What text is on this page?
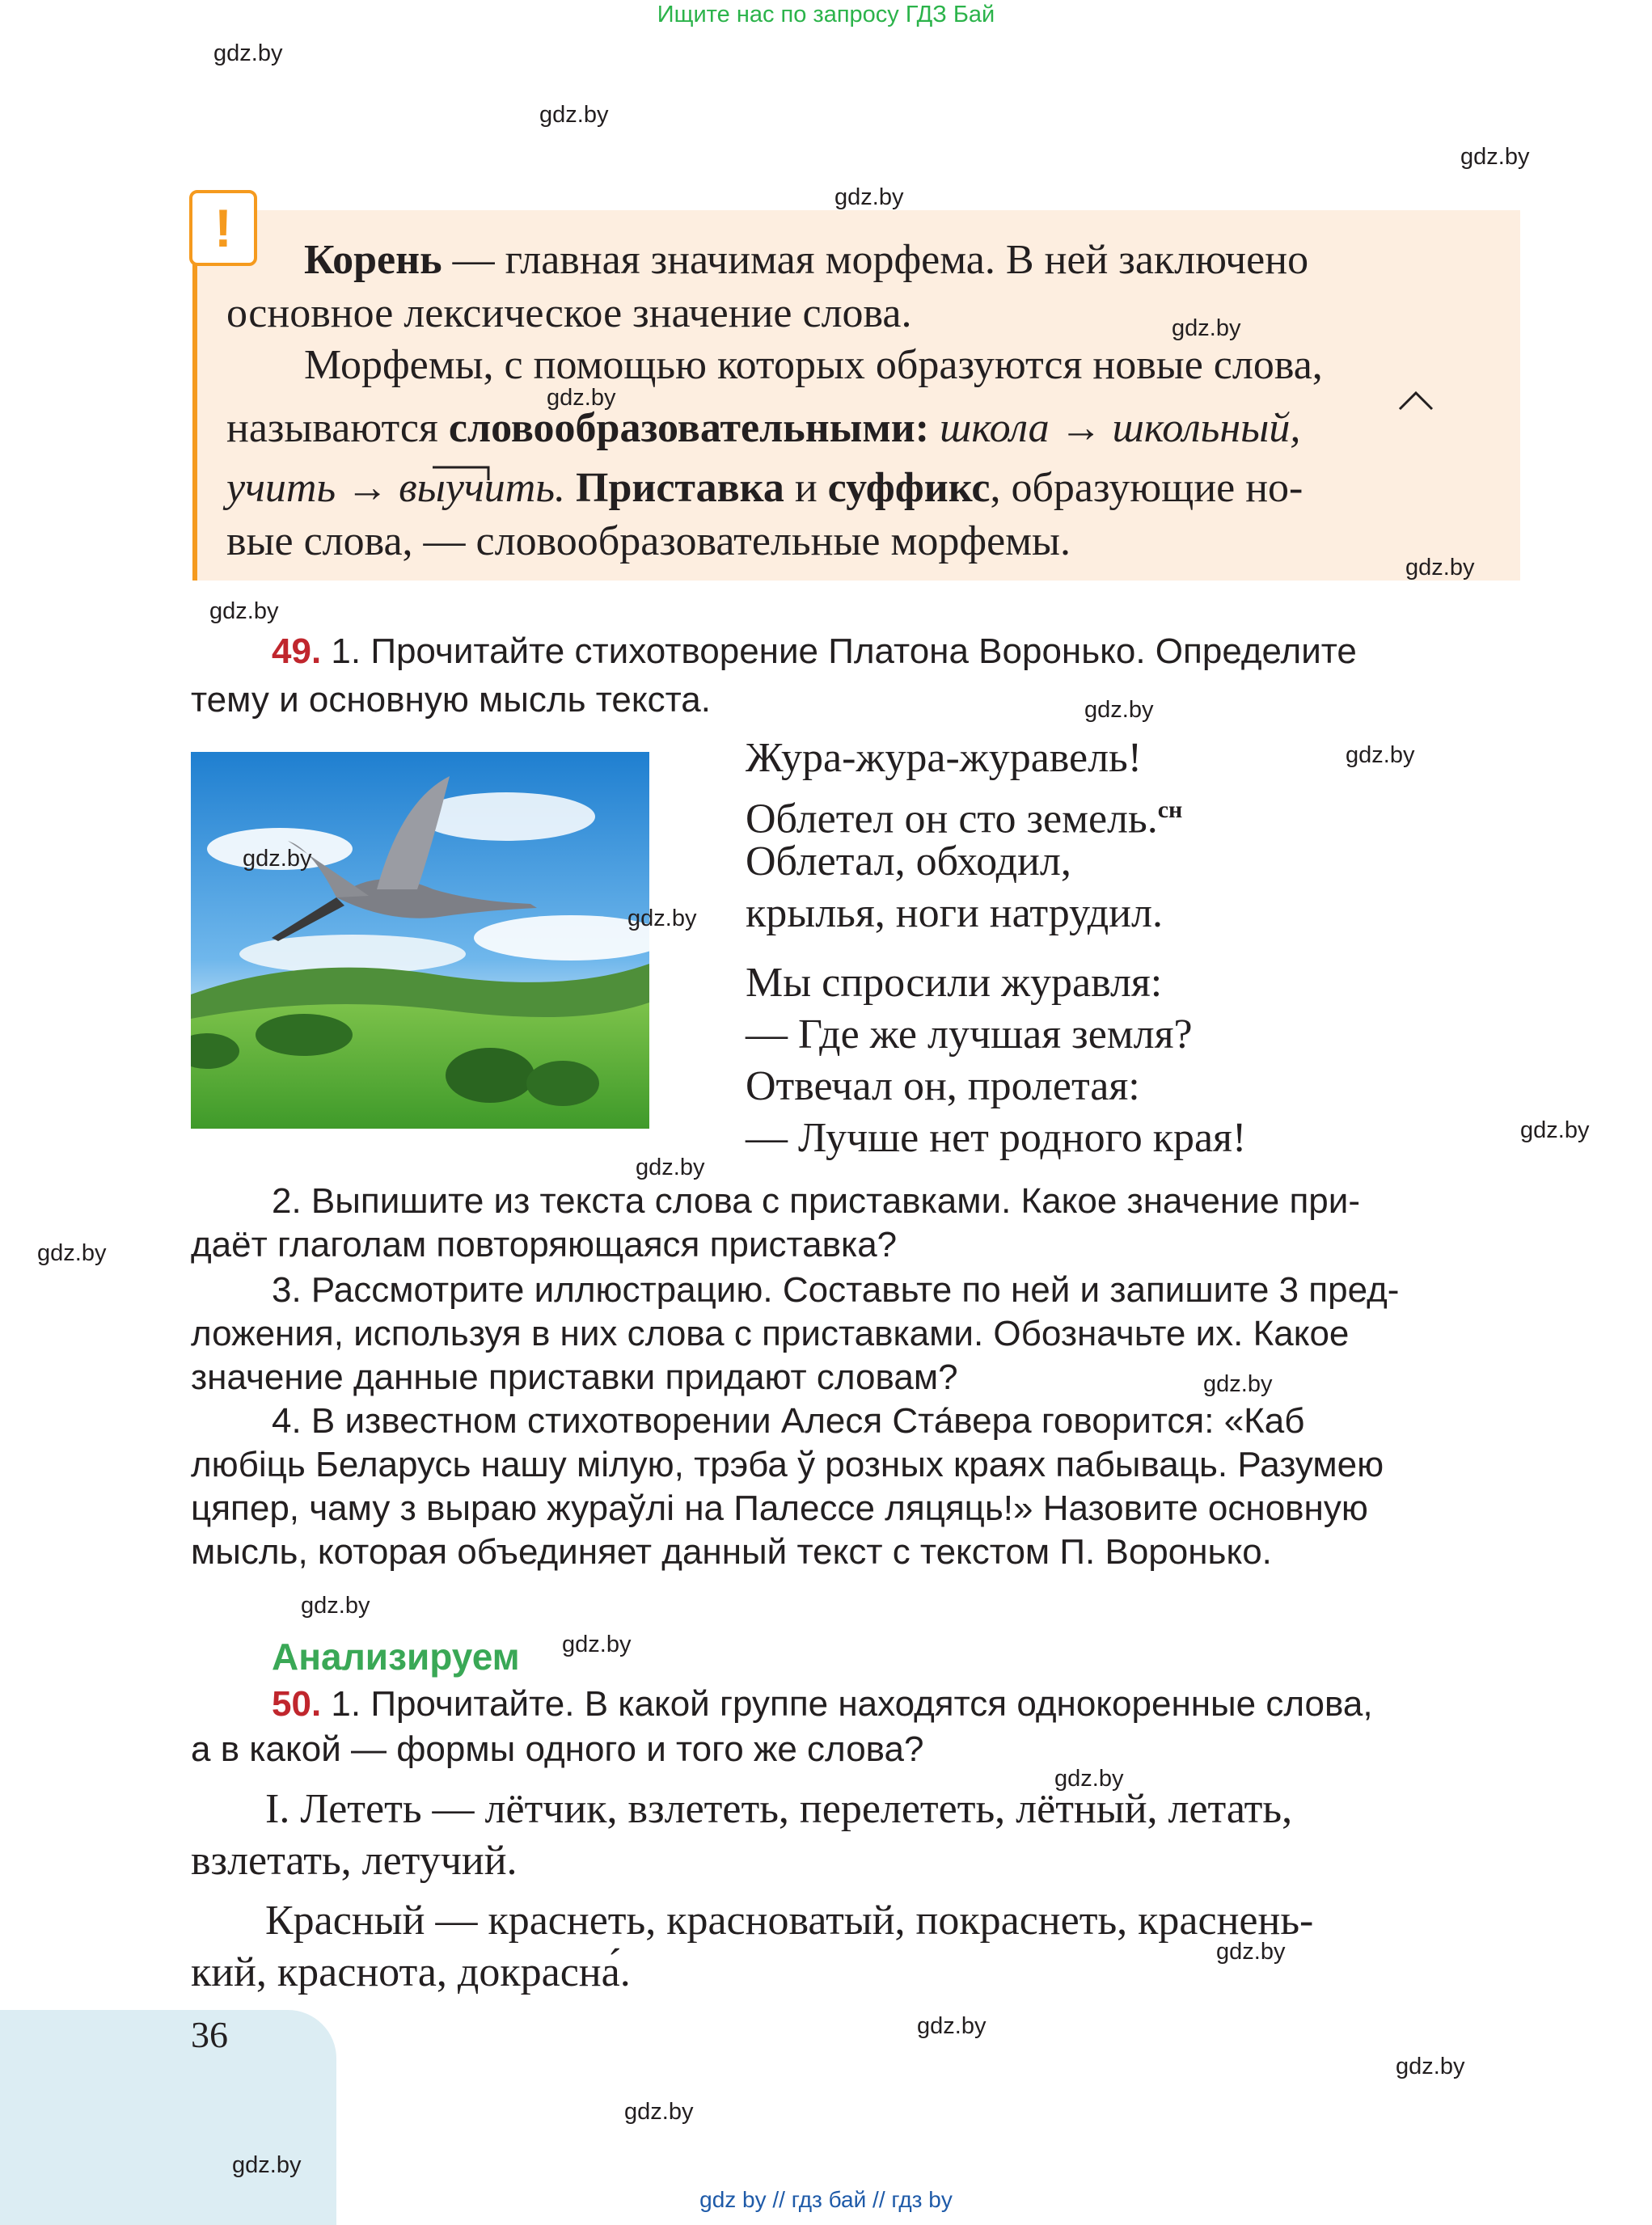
Ищите нас по запросу ГДЗ Бай
gdz.by
gdz.by
gdz.by
gdz.by
!
Корень — главная значимая морфема. В ней заключено
основное лексическое значение слова.
Морфемы, с помощью которых образуются новые слова,
называются словообразовательными: школа → школьный,
учить → выучить. Приставка и суффикс, образующие но-
вые слова, — словообразовательные морфемы.
gdz.by
gdz.by
gdz.by
gdz.by
49. 1. Прочитайте стихотворение Платона Воронько. Определите
тему и основную мысль текста.	gdz.by
gdz.by
gdz.by
Жура-жура-журавель!	gdz.by
Облетел он сто земель.$^{сн}$
Облетал, обходил,
крылья, ноги натрудил.
Мы спросили журавля:
— Где же лучшая земля?
Отвечал он, пролетая:
— Лучше нет родного края!	gdz.by
gdz.by
2. Выпишите из текста слова с приставками. Какое значение при-
даёт глаголам повторяющаяся приставка?
gdz.by
3. Рассмотрите иллюстрацию. Составьте по ней и запишите 3 пред-
ложения, используя в них слова с приставками. Обозначьте их. Какое
значение данные приставки придают словам?	gdz.by
4. В известном стихотворении Алеся Ста́вера говорится: «Каб
любіць Беларусь нашу мілую, трэба ў розных краях пабываць. Разумею
цяпер, чаму з выраю жураўлі на Палессе ляцяць!» Назовите основную
мысль, которая объединяет данный текст с текстом П. Воронько.
gdz.by
Анализируем gdz.by
50. 1. Прочитайте. В какой группе находятся однокоренные слова,
а в какой — формы одного и того же слова?
gdz.by
I. Лететь — лётчик, взлететь, перелететь, лётный, летать,
взлетать, летучий.
Красный — краснеть, красноватый, покраснеть, краснень-
gdz.by
кий, краснота, докрасна́.
36	gdz.by
gdz.by
gdz.by
gdz.by
gdz by // гдз бай // гдз by
